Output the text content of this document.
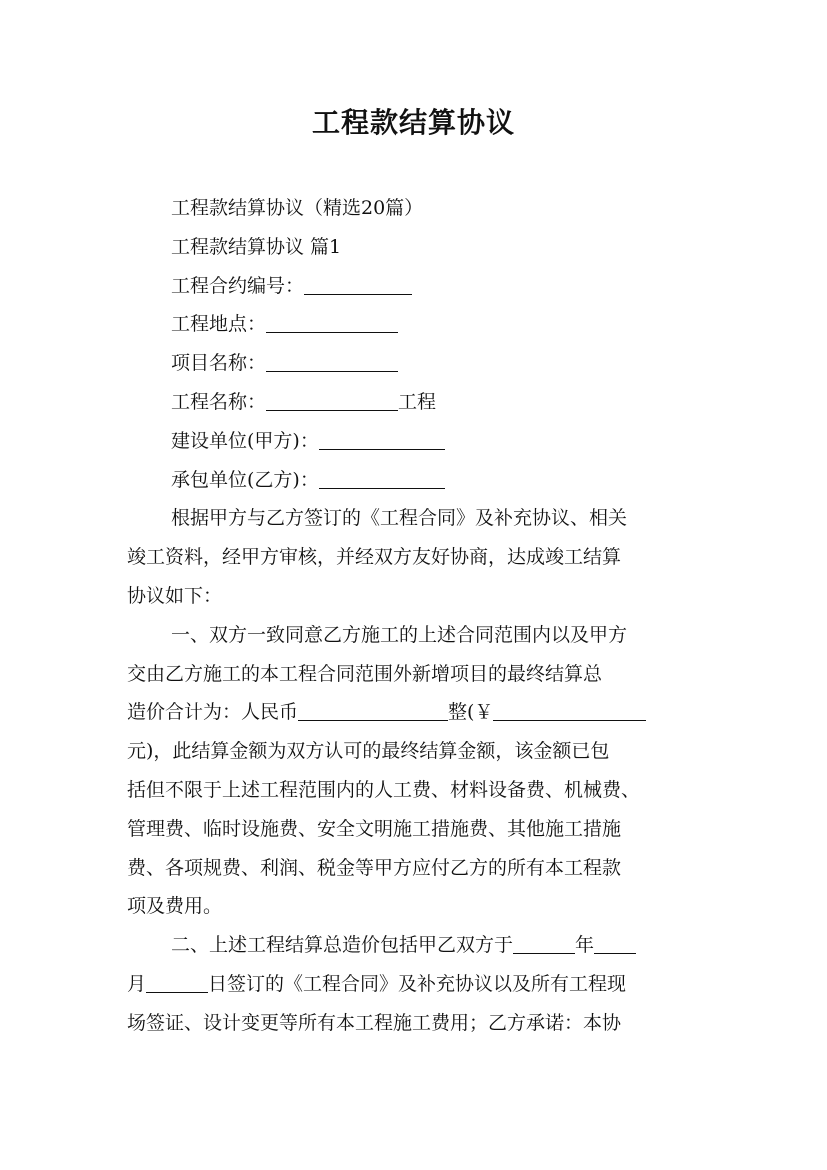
工程款结算协议
工程款结算协议（精选20篇）
工程款结算协议 篇1
工程合约编号：
工程地点：
项目名称：
工程名称：	工程
建设单位(甲方)：
承包单位(乙方)：
根据甲方与乙方签订的《工程合同》及补充协议、相关
竣工资料，经甲方审核，并经双方友好协商，达成竣工结算
协议如下：
一、双方一致同意乙方施工的上述合同范围内以及甲方
交由乙方施工的本工程合同范围外新增项目的最终结算总
造价合计为：人民币	整(￥
元)，此结算金额为双方认可的最终结算金额，该金额已包
括但不限于上述工程范围内的人工费、材料设备费、机械费、
管理费、临时设施费、安全文明施工措施费、其他施工措施
费、各项规费、利润、税金等甲方应付乙方的所有本工程款
项及费用。
二、上述工程结算总造价包括甲乙双方于	年
月	日签订的《工程合同》及补充协议以及所有工程现
场签证、设计变更等所有本工程施工费用；乙方承诺：本协
